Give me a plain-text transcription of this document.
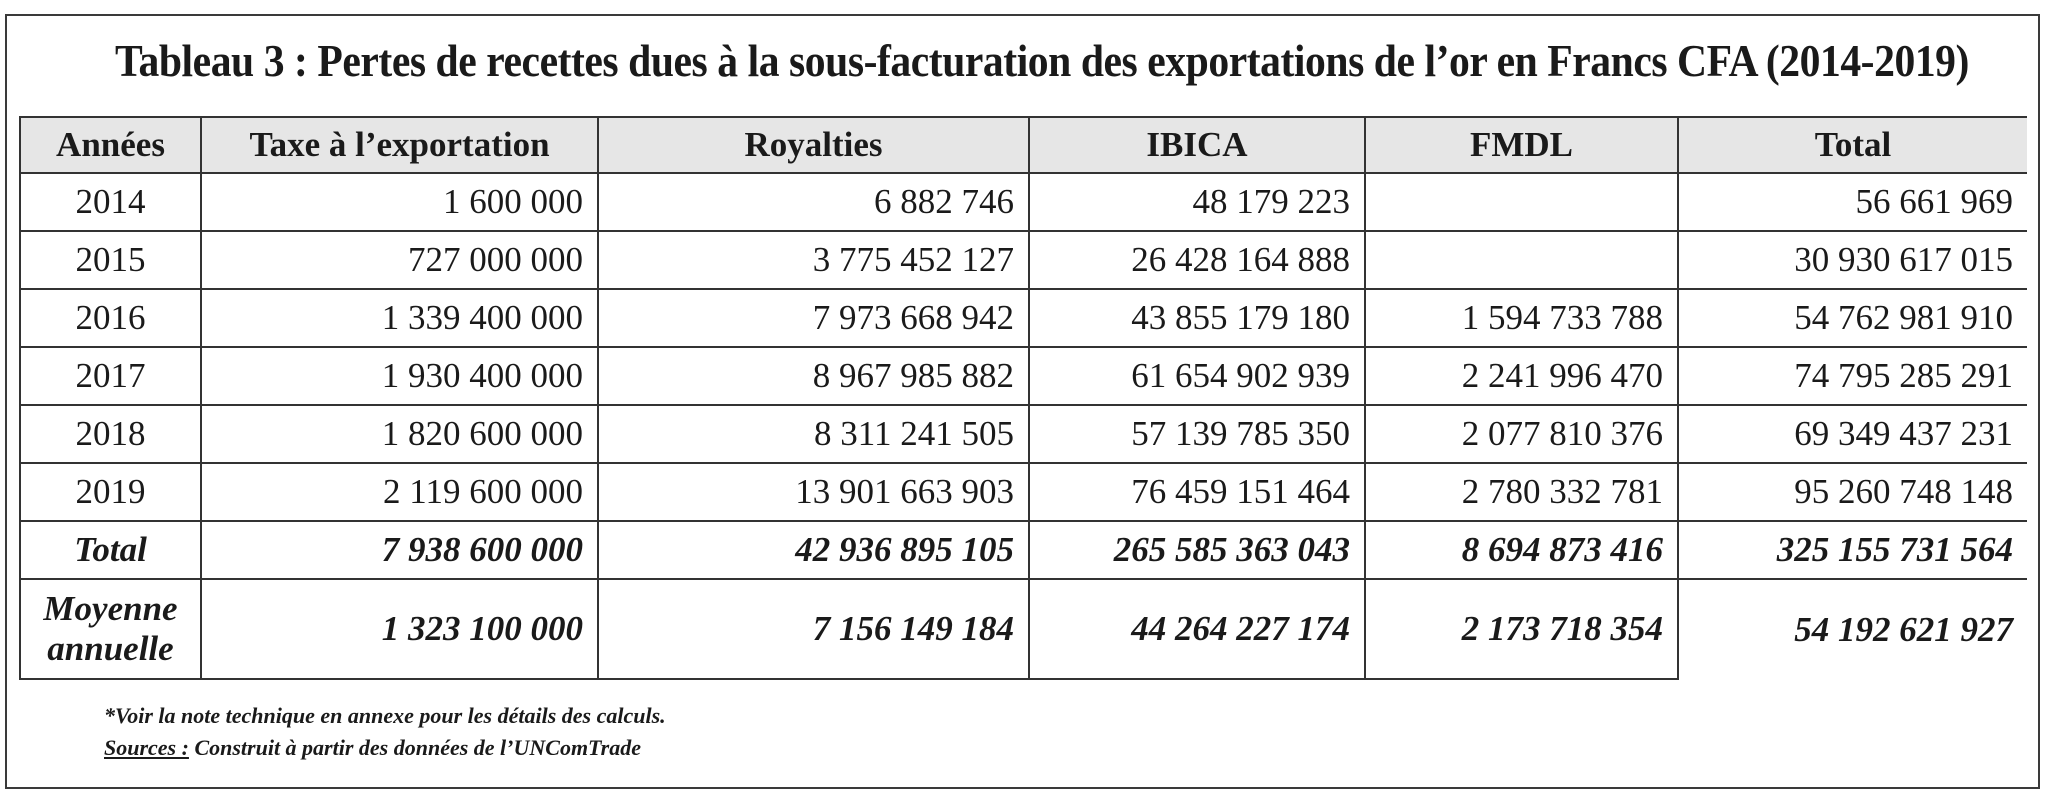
Tableau 3 : Pertes de recettes dues à la sous-facturation des exportations de l’or en Francs CFA (2014-2019)
Années	Taxe à l’exportation	Royalties	IBICA	FMDL	Total
2014	1 600 000	6 882 746	48 179 223		56 661 969
2015	727 000 000	3 775 452 127	26 428 164 888		30 930 617 015
2016	1 339 400 000	7 973 668 942	43 855 179 180	1 594 733 788	54 762 981 910
2017	1 930 400 000	8 967 985 882	61 654 902 939	2 241 996 470	74 795 285 291
2018	1 820 600 000	8 311 241 505	57 139 785 350	2 077 810 376	69 349 437 231
2019	2 119 600 000	13 901 663 903	76 459 151 464	2 780 332 781	95 260 748 148
Total	7 938 600 000	42 936 895 105	265 585 363 043	8 694 873 416	325 155 731 564
Moyenne
annuelle	1 323 100 000	7 156 149 184	44 264 227 174	2 173 718 354	54 192 621 927
*Voir la note technique en annexe pour les détails des calculs.
Sources : Construit à partir des données de l’UNComTrade
